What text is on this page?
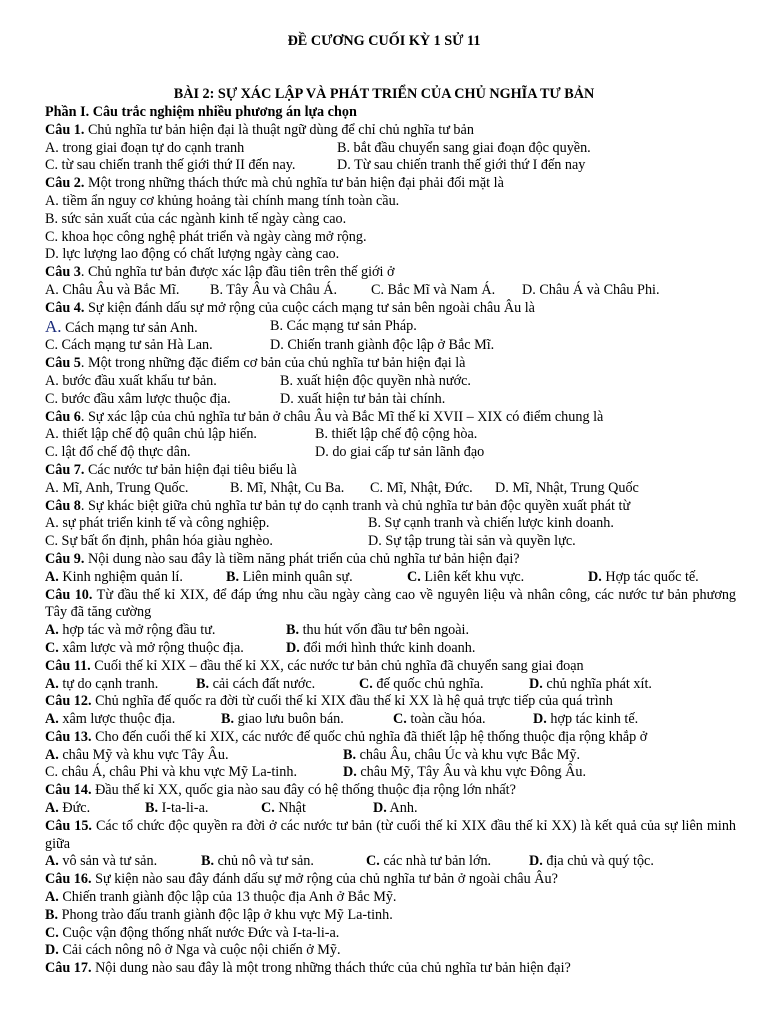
ĐỀ CƯƠNG CUỐI KỲ 1 SỬ 11
BÀI 2: SỰ XÁC LẬP VÀ PHÁT TRIỂN CỦA CHỦ NGHĨA TƯ BẢN
Phần I. Câu trắc nghiệm nhiều phương án lựa chọn
Câu 1. Chủ nghĩa tư bản hiện đại là thuật ngữ dùng để chỉ chủ nghĩa tư bản
A. trong giai đoạn tự do cạnh tranh	B. bắt đầu chuyển sang giai đoạn độc quyền.
C. từ sau chiến tranh thế giới thứ II đến nay.	D. Từ sau chiến tranh thế giới thứ I đến nay
Câu 2. Một trong những thách thức mà chủ nghĩa tư bản hiện đại phải đối mặt là
A. tiềm ẩn nguy cơ khủng hoảng tài chính mang tính toàn cầu.
B. sức sản xuất của các ngành kinh tế ngày càng cao.
C. khoa học công nghệ phát triển và ngày càng mở rộng.
D. lực lượng lao động có chất lượng ngày càng cao.
Câu 3. Chủ nghĩa tư bản được xác lập đầu tiên trên thế giới ở
A. Châu Âu và Bắc Mĩ.	B. Tây Âu và Châu Á.	C. Bắc Mĩ và Nam Á.	D. Châu Á và Châu Phi.
Câu 4. Sự kiện đánh dấu sự mở rộng của cuộc cách mạng tư sản bên ngoài châu Âu là
A. Cách mạng tư sản Anh.	B. Các mạng tư sản Pháp.
C. Cách mạng tư sản Hà Lan.	D. Chiến tranh giành độc lập ở Bắc Mĩ.
Câu 5. Một trong những đặc điểm cơ bản của chủ nghĩa tư bản hiện đại là
A. bước đầu xuất khẩu tư bản.	B. xuất hiện độc quyền nhà nước.
C. bước đầu xâm lược thuộc địa.	D. xuất hiện tư bản tài chính.
Câu 6. Sự xác lập của chủ nghĩa tư bản ở châu Âu và Bắc Mĩ thế kỉ XVII – XIX có điểm chung là
A. thiết lập chế độ quân chủ lập hiến.	B. thiết lập chế độ cộng hòa.
C. lật đổ chế độ thực dân.	D. do giai cấp tư sản lãnh đạo
Câu 7. Các nước tư bản hiện đại tiêu biểu là
A. Mĩ, Anh, Trung Quốc.	B. Mĩ, Nhật, Cu Ba.	C. Mĩ, Nhật, Đức.	D. Mĩ, Nhật, Trung Quốc
Câu 8. Sự khác biệt giữa chủ nghĩa tư bản tự do cạnh tranh và chủ nghĩa tư bản độc quyền xuất phát từ
A. sự phát triển kinh tế và công nghiệp.	B. Sự cạnh tranh và chiến lược kinh doanh.
C. Sự bất ổn định, phân hóa giàu nghèo.	D. Sự tập trung tài sản và quyền lực.
Câu 9. Nội dung nào sau đây là tiềm năng phát triển của chủ nghĩa tư bản hiện đại?
A. Kinh nghiệm quản lí.	B. Liên minh quân sự.	C. Liên kết khu vực.	D. Hợp tác quốc tế.
Câu 10. Từ đầu thế kỉ XIX, để đáp ứng nhu cầu ngày càng cao về nguyên liệu và nhân công, các nước tư bản phương Tây đã tăng cường
A. hợp tác và mở rộng đầu tư.	B. thu hút vốn đầu tư bên ngoài.
C. xâm lược và mở rộng thuộc địa.	D. đổi mới hình thức kinh doanh.
Câu 11. Cuối thế kỉ XIX – đầu thế kỉ XX, các nước tư bản chủ nghĩa đã chuyển sang giai đoạn
A. tự do cạnh tranh.	B. cải cách đất nước.	C. đế quốc chủ nghĩa.	D. chủ nghĩa phát xít.
Câu 12. Chủ nghĩa đế quốc ra đời từ cuối thế kỉ XIX đầu thế kỉ XX là hệ quả trực tiếp của quá trình
A. xâm lược thuộc địa.	B. giao lưu buôn bán.	C. toàn cầu hóa.	D. hợp tác kinh tế.
Câu 13. Cho đến cuối thế kỉ XIX, các nước đế quốc chủ nghĩa đã thiết lập hệ thống thuộc địa rộng khắp ở
A. châu Mỹ và khu vực Tây Âu.	B. châu Âu, châu Úc và khu vực Bắc Mỹ.
C. châu Á, châu Phi và khu vực Mỹ La-tinh.	D. châu Mỹ, Tây Âu và khu vực Đông Âu.
Câu 14. Đầu thế kỉ XX, quốc gia nào sau đây có hệ thống thuộc địa rộng lớn nhất?
A. Đức.	B. I-ta-li-a.	C. Nhật	D. Anh.
Câu 15. Các tổ chức độc quyền ra đời ở các nước tư bản (từ cuối thế kỉ XIX đầu thế kỉ XX) là kết quả của sự liên minh giữa
A. vô sản và tư sản.	B. chủ nô và tư sản.	C. các nhà tư bản lớn.	D. địa chủ và quý tộc.
Câu 16. Sự kiện nào sau đây đánh dấu sự mở rộng của chủ nghĩa tư bản ở ngoài châu Âu?
A. Chiến tranh giành độc lập của 13 thuộc địa Anh ở Bắc Mỹ.
B. Phong trào đấu tranh giành độc lập ở khu vực Mỹ La-tinh.
C. Cuộc vận động thống nhất nước Đức và I-ta-li-a.
D. Cải cách nông nô ở Nga và cuộc nội chiến ở Mỹ.
Câu 17. Nội dung nào sau đây là một trong những thách thức của chủ nghĩa tư bản hiện đại?
